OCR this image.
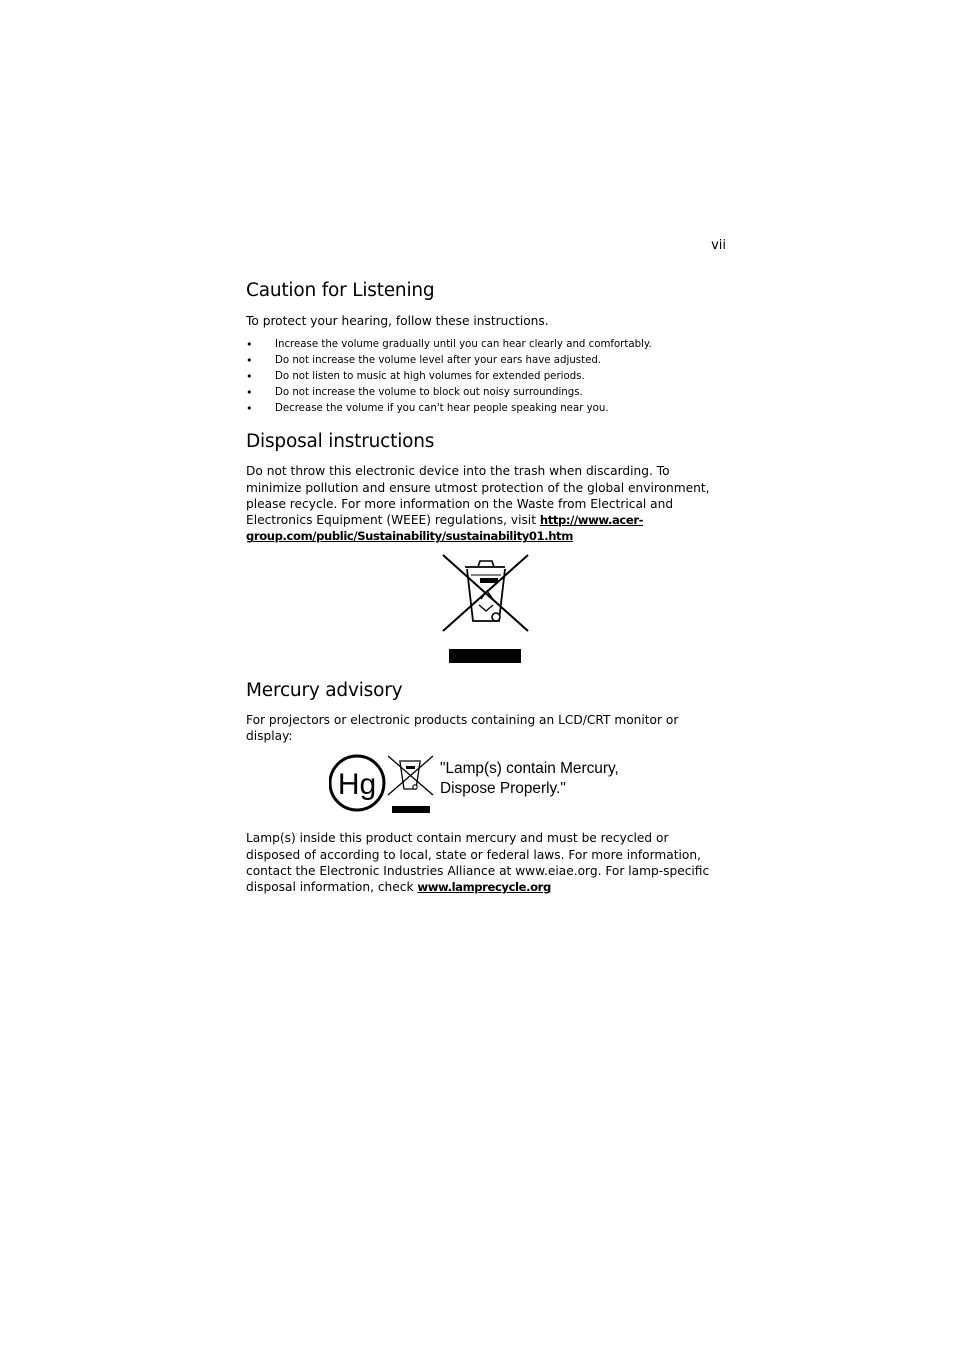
vii
Caution for Listening

To protect your hearing, follow these instructions.

• Increase the volume gradually until you can hear clearly and comfortably.
• Do not increase the volume level after your ears have adjusted.
• Do not listen to music at high volumes for extended periods.
• Do not increase the volume to block out noisy surroundings.
• Decrease the volume if you can't hear people speaking near you.
Disposal instructions

Do not throw this electronic device into the trash when discarding. To minimize pollution and ensure utmost protection of the global environment, please recycle. For more information on the Waste from Electrical and Electronics Equipment (WEEE) regulations, visit http://www.acer-group.com/public/Sustainability/sustainability01.htm

Mercury advisory

For projectors or electronic products containing an LCD/CRT monitor or display:

Hg	"Lamp(s) contain Mercury,
Dispose Properly."

Lamp(s) inside this product contain mercury and must be recycled or disposed of according to local, state or federal laws. For more information, contact the Electronic Industries Alliance at www.eiae.org. For lamp-specific disposal information, check www.lamprecycle.org
